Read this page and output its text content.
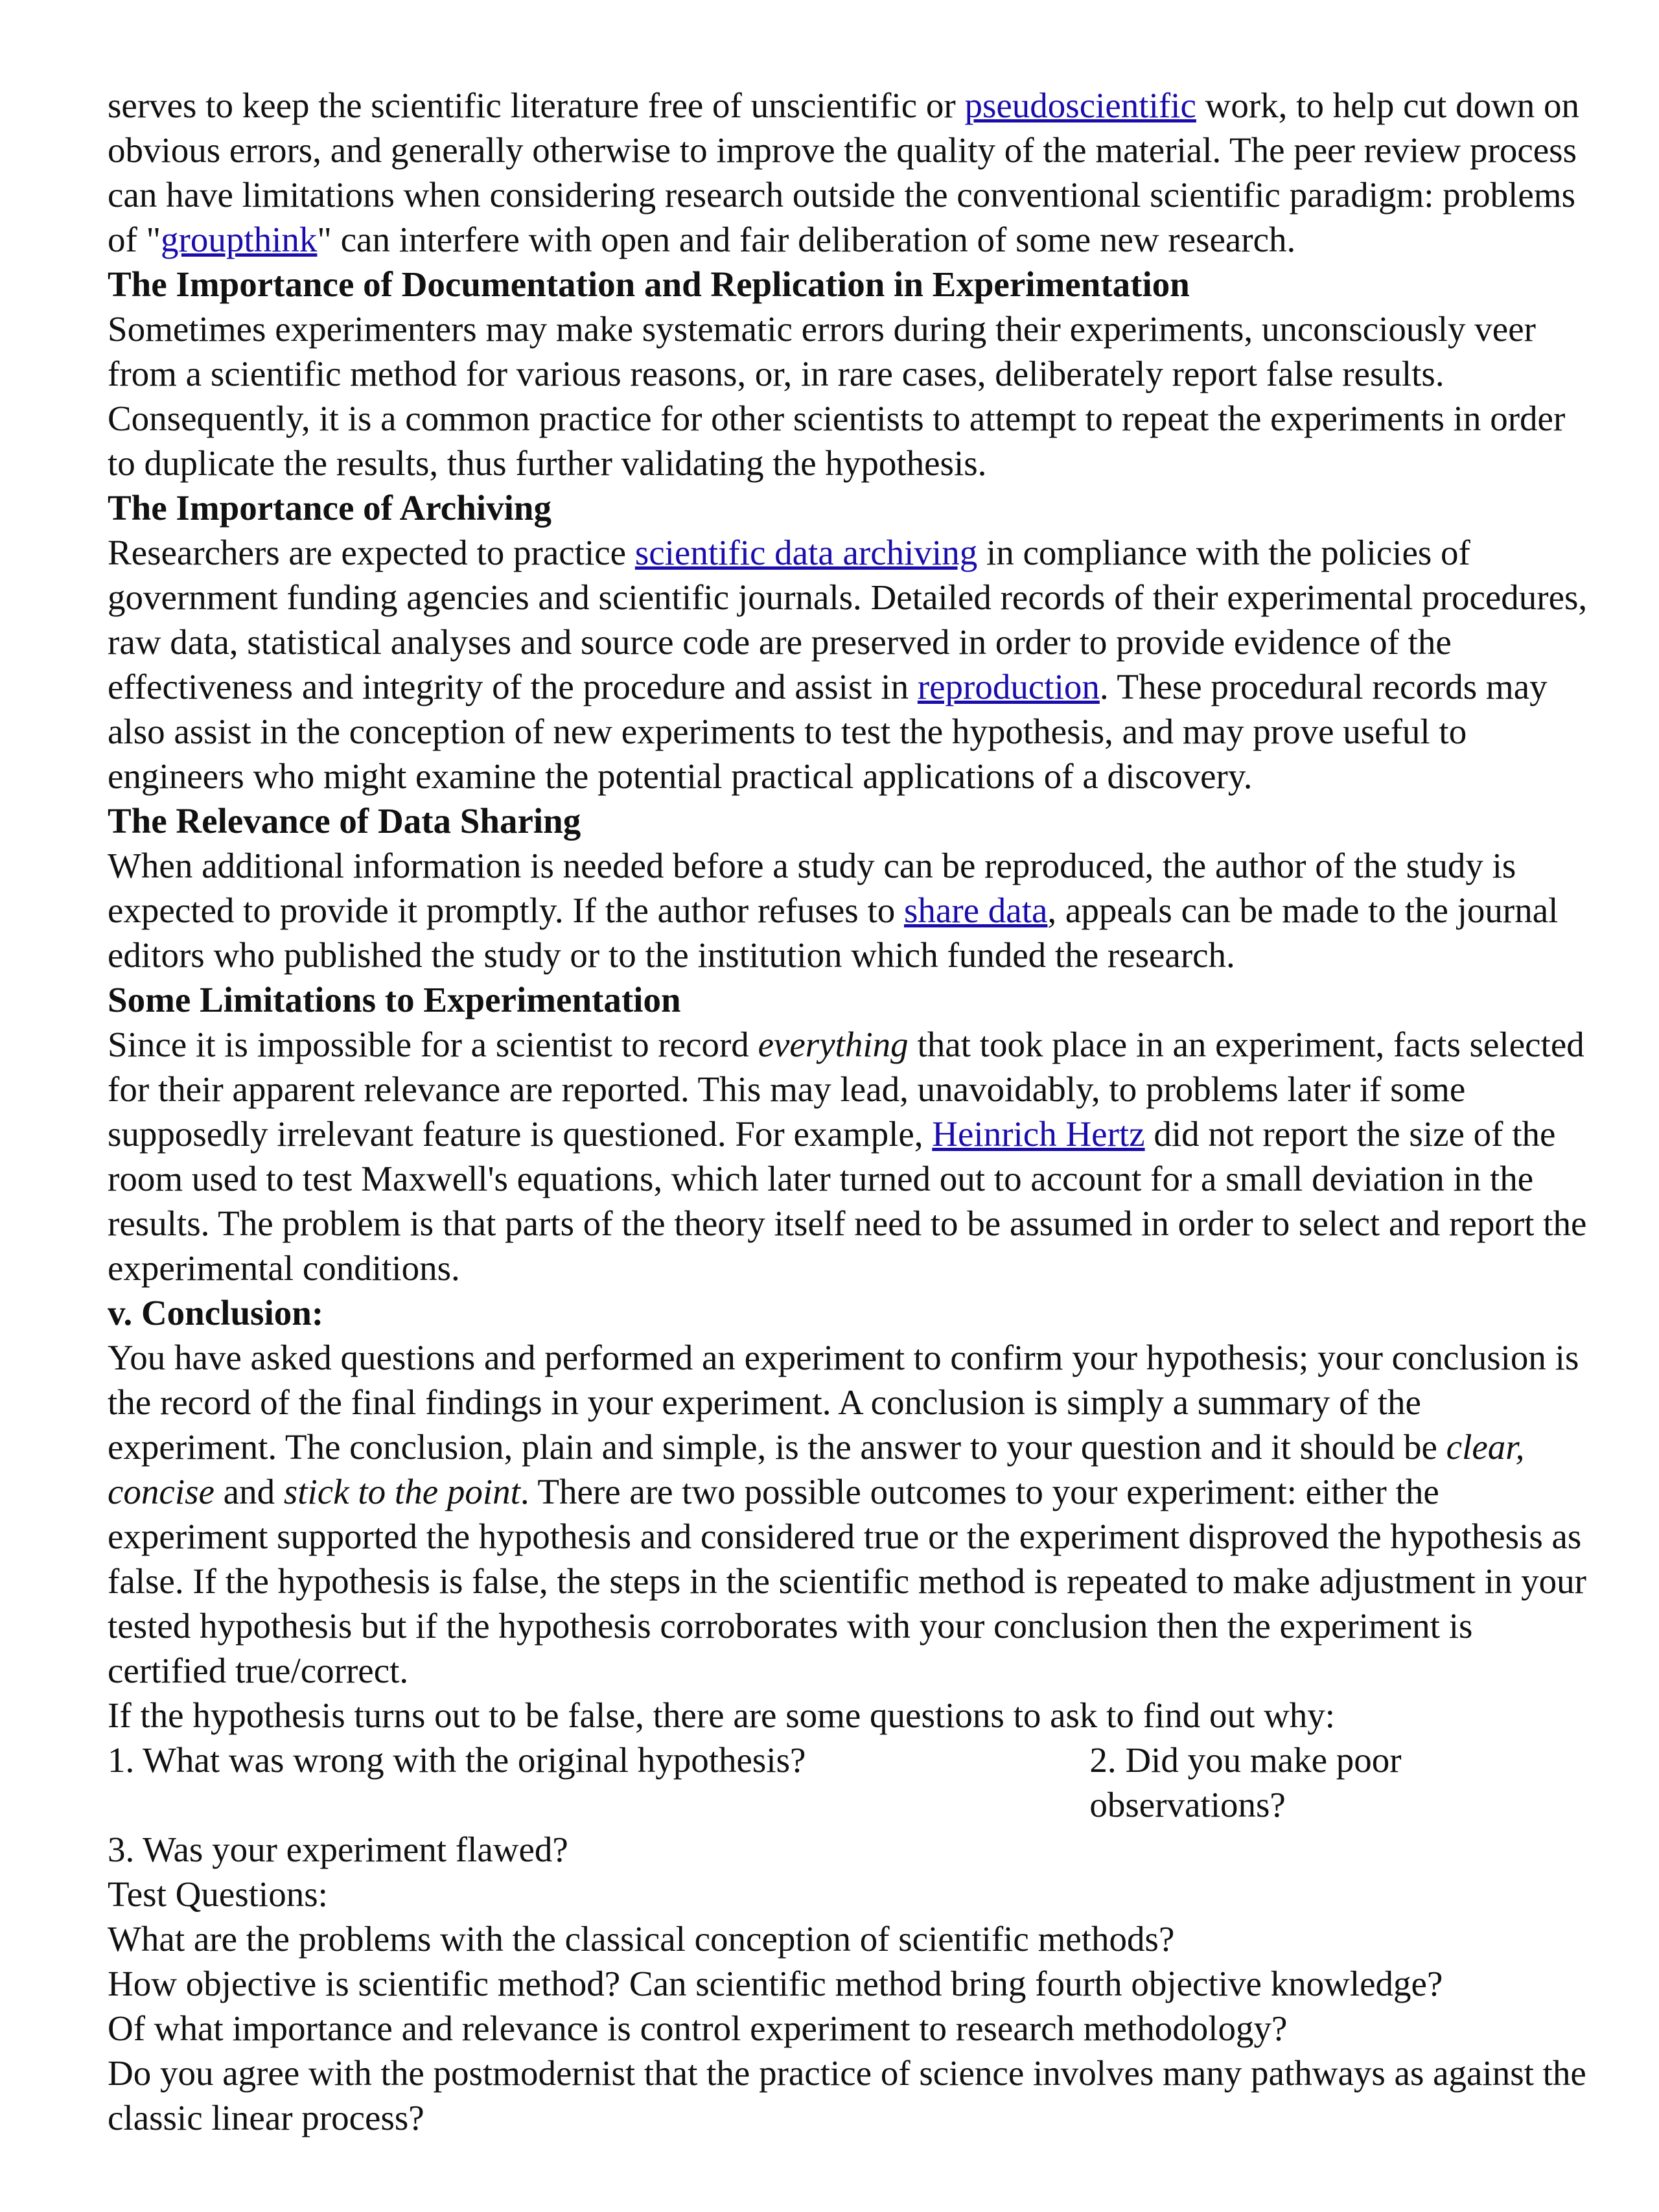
serves to keep the scientific literature free of unscientific or pseudoscientific work, to help cut down on obvious errors, and generally otherwise to improve the quality of the material. The peer review process can have limitations when considering research outside the conventional scientific paradigm: problems of "groupthink" can interfere with open and fair deliberation of some new research.

The Importance of Documentation and Replication in Experimentation

Sometimes experimenters may make systematic errors during their experiments, unconsciously veer from a scientific method for various reasons, or, in rare cases, deliberately report false results. Consequently, it is a common practice for other scientists to attempt to repeat the experiments in order to duplicate the results, thus further validating the hypothesis.

The Importance of Archiving

Researchers are expected to practice scientific data archiving in compliance with the policies of government funding agencies and scientific journals. Detailed records of their experimental procedures, raw data, statistical analyses and source code are preserved in order to provide evidence of the effectiveness and integrity of the procedure and assist in reproduction. These procedural records may also assist in the conception of new experiments to test the hypothesis, and may prove useful to engineers who might examine the potential practical applications of a discovery.

The Relevance of Data Sharing

When additional information is needed before a study can be reproduced, the author of the study is expected to provide it promptly. If the author refuses to share data, appeals can be made to the journal editors who published the study or to the institution which funded the research.

Some Limitations to Experimentation

Since it is impossible for a scientist to record everything that took place in an experiment, facts selected for their apparent relevance are reported. This may lead, unavoidably, to problems later if some supposedly irrelevant feature is questioned. For example, Heinrich Hertz did not report the size of the room used to test Maxwell's equations, which later turned out to account for a small deviation in the results. The problem is that parts of the theory itself need to be assumed in order to select and report the experimental conditions.

v. Conclusion:

You have asked questions and performed an experiment to confirm your hypothesis; your conclusion is the record of the final findings in your experiment. A conclusion is simply a summary of the experiment. The conclusion, plain and simple, is the answer to your question and it should be clear, concise and stick to the point. There are two possible outcomes to your experiment: either the experiment supported the hypothesis and considered true or the experiment disproved the hypothesis as false. If the hypothesis is false, the steps in the scientific method is repeated to make adjustment in your tested hypothesis but if the hypothesis corroborates with your conclusion then the experiment is certified true/correct.

If the hypothesis turns out to be false, there are some questions to ask to find out why:

1. What was wrong with the original hypothesis?	2. Did you make poor observations?

3. Was your experiment flawed?

Test Questions:

What are the problems with the classical conception of scientific methods?

How objective is scientific method? Can scientific method bring fourth objective knowledge?

Of what importance and relevance is control experiment to research methodology?

Do you agree with the postmodernist that the practice of science involves many pathways as against the classic linear process?
